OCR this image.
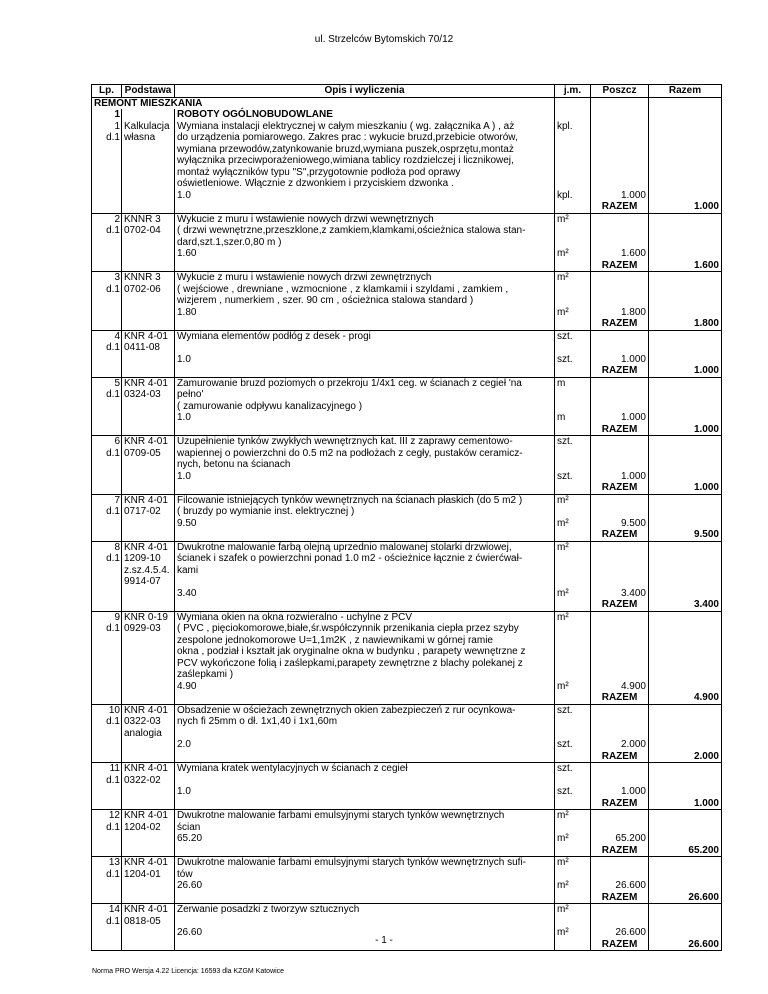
ul. Strzelców Bytomskich 70/12
Lp.	Podstawa	Opis i wyliczenia	j.m.	Poszcz	Razem
REMONT MIESZKANIA					
1		ROBOTY OGÓLNOBUDOWLANE			
1	Kalkulacja	Wymiana instalacji elektrycznej w całym mieszkaniu ( wg. załącznika A ) , aż	kpl.		
d.1	własna	do urządzenia pomiarowego. Zakres prac : wykucie bruzd,przebicie otworów,			
		wymiana przewodów,zatynkowanie bruzd,wymiana puszek,osprzętu,montaż			
		wyłącznika przeciwporażeniowego,wimiana tablicy rozdzielczej i licznikowej,			
		montaż wyłączników typu "S",przygotownie podłoża pod oprawy			
		oświetleniowe. Włącznie z dzwonkiem i przyciskiem dzwonka .			
		1.0	kpl.	1.000	
				RAZEM	1.000
2	KNNR 3	Wykucie z muru i wstawienie nowych drzwi wewnętrznych	m²		
d.1	0702-04	( drzwi wewnętrzne,przeszklone,z zamkiem,klamkami,ościeżnica stalowa stan-			
		dard,szt.1,szer.0,80 m )			
		1.60	m²	1.600	
				RAZEM	1.600
3	KNNR 3	Wykucie z muru i wstawienie nowych drzwi zewnętrznych	m²		
d.1	0702-06	( wejściowe , drewniane , wzmocnione , z klamkamii i szyldami , zamkiem ,			
		wizjerem , numerkiem , szer. 90 cm , ościeżnica stalowa standard )			
		1.80	m²	1.800	
				RAZEM	1.800
4	KNR 4-01	Wymiana elementów podłóg z desek - progi	szt.		
d.1	0411-08				
		1.0	szt.	1.000	
				RAZEM	1.000
5	KNR 4-01	Zamurowanie bruzd poziomych o przekroju 1/4x1 ceg. w ścianach z cegieł 'na	m		
d.1	0324-03	pełno'			
		( zamurowanie odpływu kanalizacyjnego )			
		1.0	m	1.000	
				RAZEM	1.000
6	KNR 4-01	Uzupełnienie tynków zwykłych wewnętrznych kat. III z zaprawy cementowo-	szt.		
d.1	0709-05	wapiennej o powierzchni do 0.5 m2 na podłożach z cegły, pustaków ceramicz-			
		nych, betonu na ścianach			
		1.0	szt.	1.000	
				RAZEM	1.000
7	KNR 4-01	Filcowanie istniejących tynków wewnętrznych na ścianach płaskich (do 5 m2 )	m²		
d.1	0717-02	( bruzdy po wymianie inst. elektrycznej )			
		9.50	m²	9.500	
				RAZEM	9.500
8	KNR 4-01	Dwukrotne malowanie farbą olejną uprzednio malowanej stolarki drzwiowej,	m²		
d.1	1209-10	ścianek i szafek o powierzchni ponad 1.0 m2 - ościeżnice łącznie z ćwierćwał-			
	z.sz.4.5.4.	kami			
	9914-07				
		3.40	m²	3.400	
				RAZEM	3.400
9	KNR 0-19	Wymiana okien na okna rozwieralno - uchylne z PCV	m²		
d.1	0929-03	( PVC , pięciokomorowe,białe,śr.współczynnik przenikania ciepła przez szyby			
		zespolone jednokomorowe U=1,1m2K , z nawiewnikami w górnej ramie			
		okna , podział i kształt jak oryginalne okna w budynku , parapety wewnętrzne z			
		PCV wykończone folią i zaślepkami,parapety zewnętrzne z blachy polekanej z			
		zaślepkami )			
		4.90	m²	4.900	
				RAZEM	4.900
10	KNR 4-01	Obsadzenie w ościeżach zewnętrznych okien zabezpieczeń z rur ocynkowa-	szt.		
d.1	0322-03	nych fi 25mm o dł. 1x1,40 i 1x1,60m			
	analogia				
		2.0	szt.	2.000	
				RAZEM	2.000
11	KNR 4-01	Wymiana kratek wentylacyjnych w ścianach z cegieł	szt.		
d.1	0322-02				
		1.0	szt.	1.000	
				RAZEM	1.000
12	KNR 4-01	Dwukrotne malowanie farbami emulsyjnymi starych tynków wewnętrznych	m²		
d.1	1204-02	ścian			
		65.20	m²	65.200	
				RAZEM	65.200
13	KNR 4-01	Dwukrotne malowanie farbami emulsyjnymi starych tynków wewnętrznych sufi-	m²		
d.1	1204-01	tów			
		26.60	m²	26.600	
				RAZEM	26.600
14	KNR 4-01	Zerwanie posadzki z tworzyw sztucznych	m²		
d.1	0818-05				
		26.60	m²	26.600	
				RAZEM	26.600
- 1 -
Norma PRO Wersja 4.22 Licencja: 16593 dla KZGM Katowice
